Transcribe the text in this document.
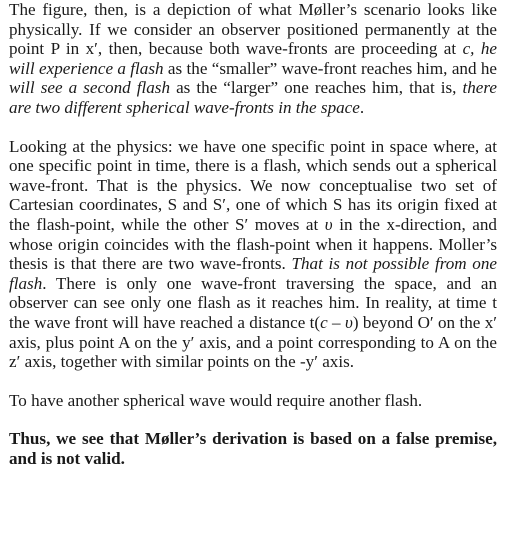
The figure, then, is a depiction of what Møller’s scenario looks like physically. If we consider an observer positioned permanently at the point P in x′, then, because both wave-fronts are proceeding at c, he will experience a flash as the “smaller” wave-front reaches him, and he will see a second flash as the “larger” one reaches him, that is, there are two different spherical wave-fronts in the space.

Looking at the physics: we have one specific point in space where, at one specific point in time, there is a flash, which sends out a spherical wave-front. That is the physics. We now conceptualise two set of Cartesian coordinates, S and S′, one of which S has its origin fixed at the flash-point, while the other S′ moves at υ in the x-direction, and whose origin coincides with the flash-point when it happens. Moller’s thesis is that there are two wave-fronts. That is not possible from one flash. There is only one wave-front traversing the space, and an observer can see only one flash as it reaches him. In reality, at time t the wave front will have reached a distance t(c – υ) beyond O′ on the x′ axis, plus point A on the y′ axis, and a point corresponding to A on the z′ axis, together with similar points on the -y′ axis.

To have another spherical wave would require another flash.

Thus, we see that Møller’s derivation is based on a false premise, and is not valid.
